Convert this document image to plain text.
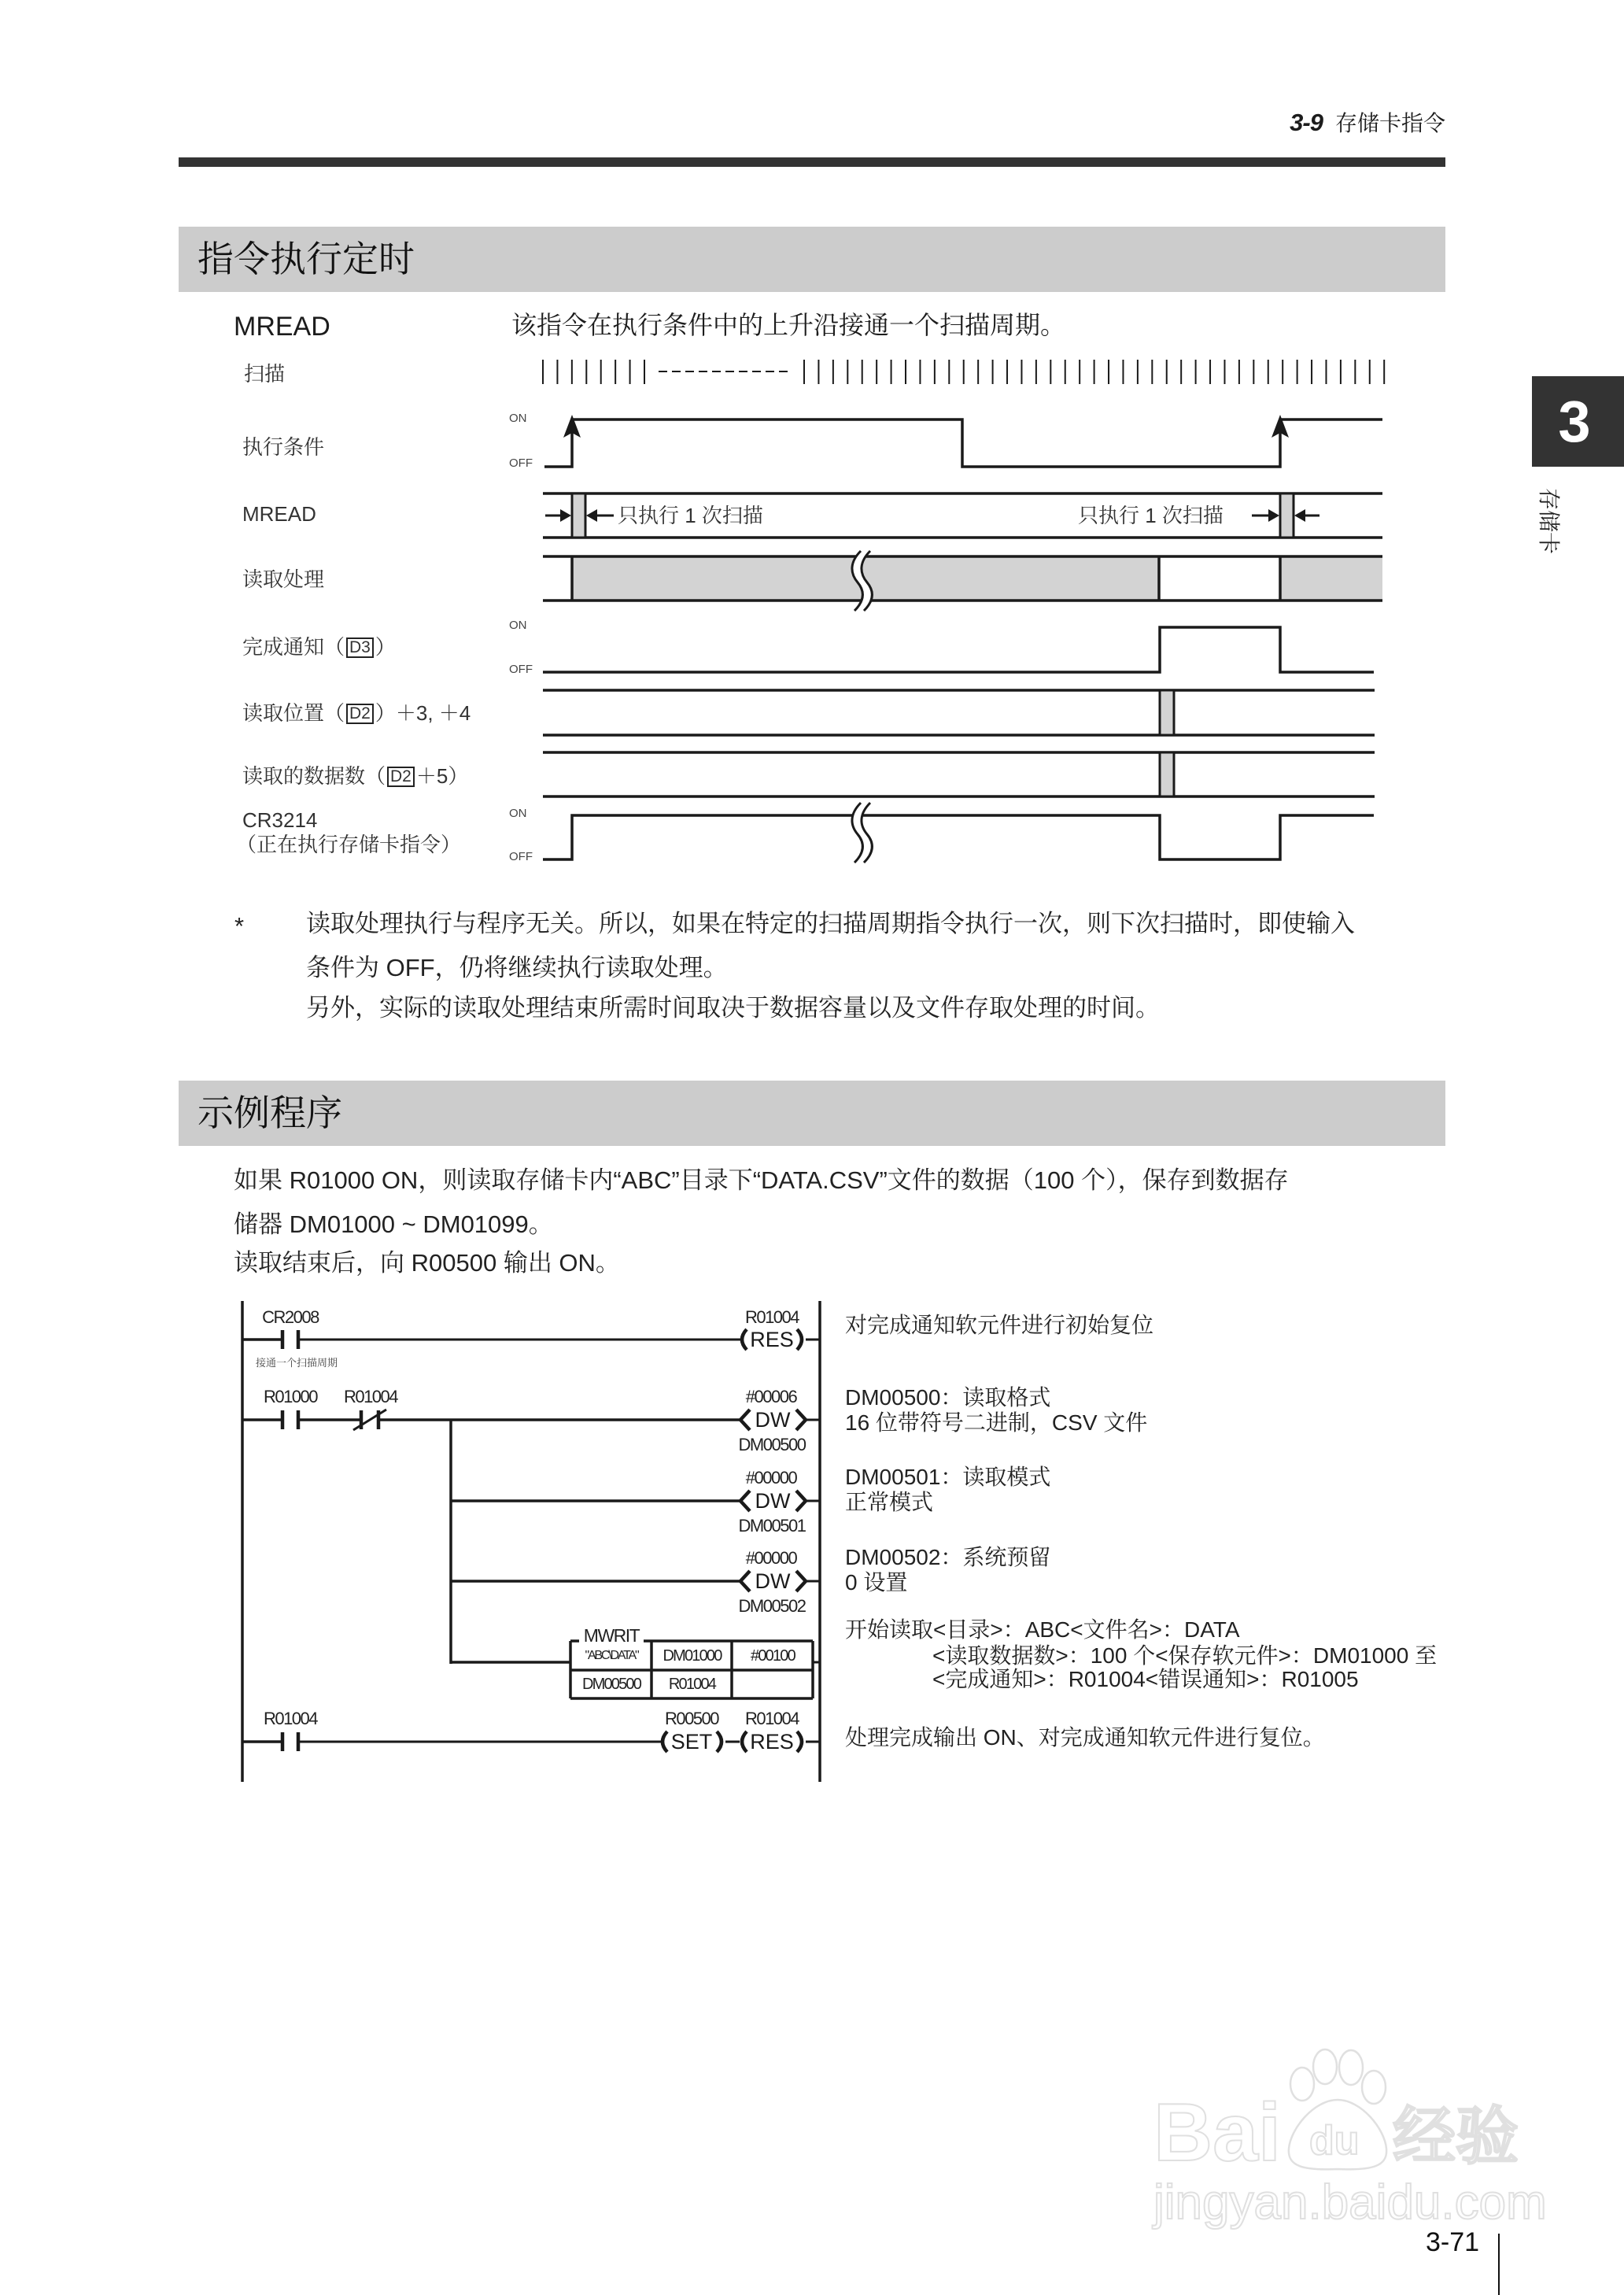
3-9 存储卡指令
3
存储卡
指令执行定时
MREAD	该指令在执行条件中的上升沿接通一个扫描周期。
扫描
执行条件
MREAD
读取处理
完成通知（ D3 ）
读取位置（ D2 ）＋3, ＋4
读取的数据数（ D2 ＋5）
CR3214
（正在执行存储卡指令）
ON
OFF
ON
OFF
ON
OFF
只执行 1 次扫描	只执行 1 次扫描
*	读取处理执行与程序无关。所以，如果在特定的扫描周期指令执行一次，则下次扫描时，即使输入
条件为 OFF，仍将继续执行读取处理。
另外，实际的读取处理结束所需时间取决于数据容量以及文件存取处理的时间。
示例程序
如果 R01000 ON，则读取存储卡内“ABC”目录下“DATA.CSV”文件的数据（100 个），保存到数据存
储器 DM01000 ~ DM01099。
读取结束后，向 R00500 输出 ON。
CR2008
接通一个扫描周期
R01004
RES
R01000	R01004	#00006
DW
DM00500
#00000
DW
DM00501
#00000
DW
DM00502
MWRIT
"ABC\DATA"	DM01000	#00100
DM00500	R01004
R01004	R00500
SET
R01004
RES
对完成通知软元件进行初始复位
DM00500：读取格式
16 位带符号二进制，CSV 文件
DM00501：读取模式
正常模式
DM00502：系统预留
0 设置
开始读取<目录>：ABC<文件名>：DATA
<读取数据数>：100 个<保存软元件>：DM01000 至
<完成通知>：R01004<错误通知>：R01005
处理完成输出 ON、对完成通知软元件进行复位。
Bai du 经验
jingyan.baidu.com
3-71
